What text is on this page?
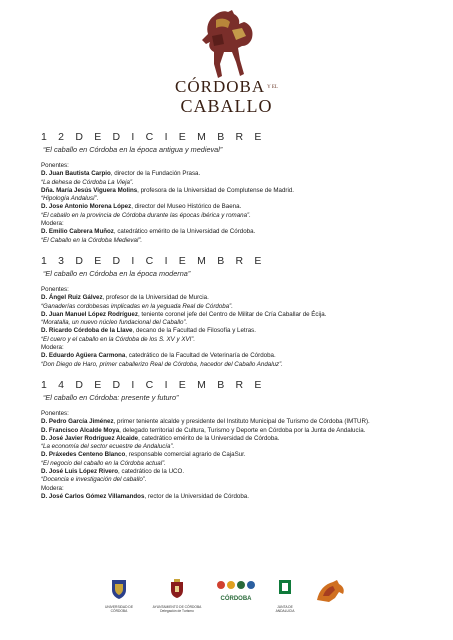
CÓRDOBA Y EL
CABALLO
1 2 D E D I C I E M B R E
“El caballo en Córdoba en la época antigua y medieval”
Ponentes:
D. Juan Bautista Carpio, director de la Fundación Prasa.
“La dehesa de Córdoba La Vieja”.
Dña. María Jesús Viguera Molins, profesora de la Universidad de Complutense de Madrid.
“Hipología Andalusí”.
D. Jose Antonio Morena López, director del Museo Histórico de Baena.
“El caballo en la provincia de Córdoba durante las épocas ibérica y romana”.
Modera:
D. Emilio Cabrera Muñoz, catedrático emérito de la Universidad de Córdoba.
“El Caballo en la Córdoba Medieval”.
1 3 D E D I C I E M B R E
“El caballo en Córdoba en la época moderna”
Ponentes:
D. Ángel Ruiz Gálvez, profesor de la Universidad de Murcia.
“Ganaderías cordobesas implicadas en la yeguada Real de Córdoba”.
D. Juan Manuel López Rodríguez, teniente coronel jefe del Centro de Militar de Cría Caballar de Écija.
“Moratalla, un nuevo núcleo fundacional del Caballo”.
D. Ricardo Córdoba de la Llave, decano de la Facultad de Filosofía y Letras.
“El cuero y el caballo en la Córdoba de los S. XV y XVI”.
Modera:
D. Eduardo Agüera Carmona, catedrático de la Facultad de Veterinaría de Córdoba.
“Don Diego de Haro, primer caballerizo Real de Córdoba, hacedor del Caballo Andaluz”.
1 4 D E D I C I E M B R E
“El caballo en Córdoba: presente y futuro”
Ponentes:
D. Pedro García Jiménez, primer teniente alcalde y presidente del Instituto Municipal de Turismo de Córdoba (IMTUR).
D. Francisco Alcalde Moya, delegado territorial de Cultura, Turismo y Deporte en Córdoba por la Junta de Andalucía.
D. José Javier Rodríguez Alcaide, catedrático emérito de la Universidad de Córdoba.
“La economía del sector ecuestre de Andalucía”.
D. Práxedes Centeno Blanco, responsable comercial agrario de CajaSur.
“El negocio del caballo en la Córdoba actual”.
D. José Luis López Rivero, catedrático de la UCO.
“Docencia e investigación del caballo”.
Modera:
D. José Carlos Gómez Villamandos, rector de la Universidad de Córdoba.
UNIVERSIDAD DE CÓRDOBA
AYUNTAMIENTO DE CÓRDOBA
Delegación de Turismo
CÓRDOBA
JUNTA DE ANDALUCIA
